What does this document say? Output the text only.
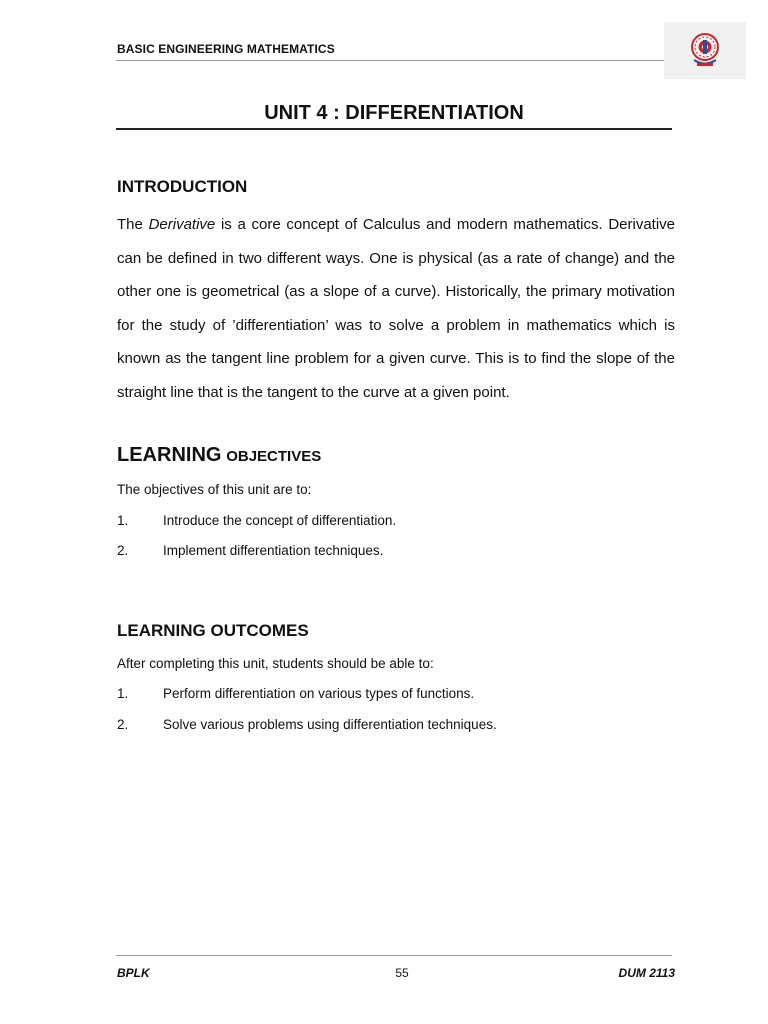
BASIC ENGINEERING MATHEMATICS
UNIT 4 : DIFFERENTIATION
INTRODUCTION

The Derivative is a core concept of Calculus and modern mathematics. Derivative can be defined in two different ways. One is physical (as a rate of change) and the other one is geometrical (as a slope of a curve). Historically, the primary motivation for the study of ’differentiation’ was to solve a problem in mathematics which is known as the tangent line problem for a given curve. This is to find the slope of the straight line that is the tangent to the curve at a given point.

LEARNING OBJECTIVES
The objectives of this unit are to:
1.	Introduce the concept of differentiation.
2.	Implement differentiation techniques.
LEARNING OUTCOMES
After completing this unit, students should be able to:
1.	Perform differentiation on various types of functions.
2.	Solve various problems using differentiation techniques.
BPLK	55	DUM 2113
